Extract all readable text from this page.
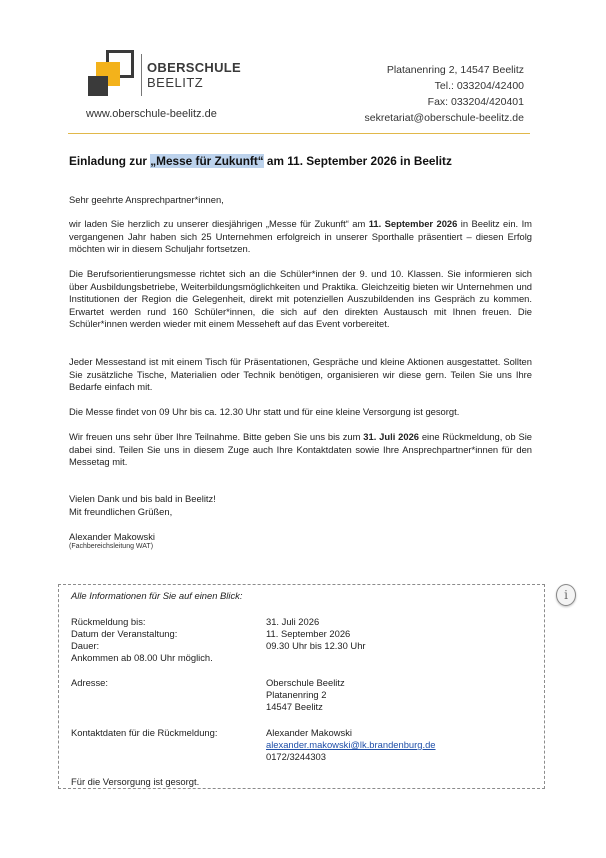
OBERSCHULE
BEELITZ
www.oberschule-beelitz.de
Platanenring 2, 14547 Beelitz
Tel.: 033204/42400
Fax: 033204/420401
sekretariat@oberschule-beelitz.de
Einladung zur „Messe für Zukunft“ am 11. September 2026 in Beelitz
Sehr geehrte Ansprechpartner*innen,
wir laden Sie herzlich zu unserer diesjährigen „Messe für Zukunft“ am 11. September 2026 in Beelitz ein. Im vergangenen Jahr haben sich 25 Unternehmen erfolgreich in unserer Sporthalle präsentiert – diesen Erfolg möchten wir in diesem Schuljahr fortsetzen.
Die Berufsorientierungsmesse richtet sich an die Schüler*innen der 9. und 10. Klassen. Sie informieren sich über Ausbildungsbetriebe, Weiterbildungsmöglichkeiten und Praktika. Gleichzeitig bieten wir Unternehmen und Institutionen der Region die Gelegenheit, direkt mit potenziellen Auszubildenden ins Gespräch zu kommen. Erwartet werden rund 160 Schüler*innen, die sich auf den direkten Austausch mit Ihnen freuen. Die Schüler*innen werden wieder mit einem Messeheft auf das Event vorbereitet.
Jeder Messestand ist mit einem Tisch für Präsentationen, Gespräche und kleine Aktionen ausgestattet. Sollten Sie zusätzliche Tische, Materialien oder Technik benötigen, organisieren wir diese gern. Teilen Sie uns Ihre Bedarfe einfach mit.
Die Messe findet von 09 Uhr bis ca. 12.30 Uhr statt und für eine kleine Versorgung ist gesorgt.
Wir freuen uns sehr über Ihre Teilnahme. Bitte geben Sie uns bis zum 31. Juli 2026 eine Rückmeldung, ob Sie dabei sind. Teilen Sie uns in diesem Zuge auch Ihre Kontaktdaten sowie Ihre Ansprechpartner*innen für den Messetag mit.
Vielen Dank und bis bald in Beelitz!
Mit freundlichen Grüßen,
Alexander Makowski
(Fachbereichsleitung WAT)
i
Alle Informationen für Sie auf einen Blick:
Rückmeldung bis:	31. Juli 2026
Datum der Veranstaltung:	11. September 2026
Dauer:	09.30 Uhr bis 12.30 Uhr
Ankommen ab 08.00 Uhr möglich.
Adresse:	Oberschule Beelitz
Platanenring 2
14547 Beelitz
Kontaktdaten für die Rückmeldung:	Alexander Makowski
alexander.makowski@lk.brandenburg.de
0172/3244303
Für die Versorgung ist gesorgt.
